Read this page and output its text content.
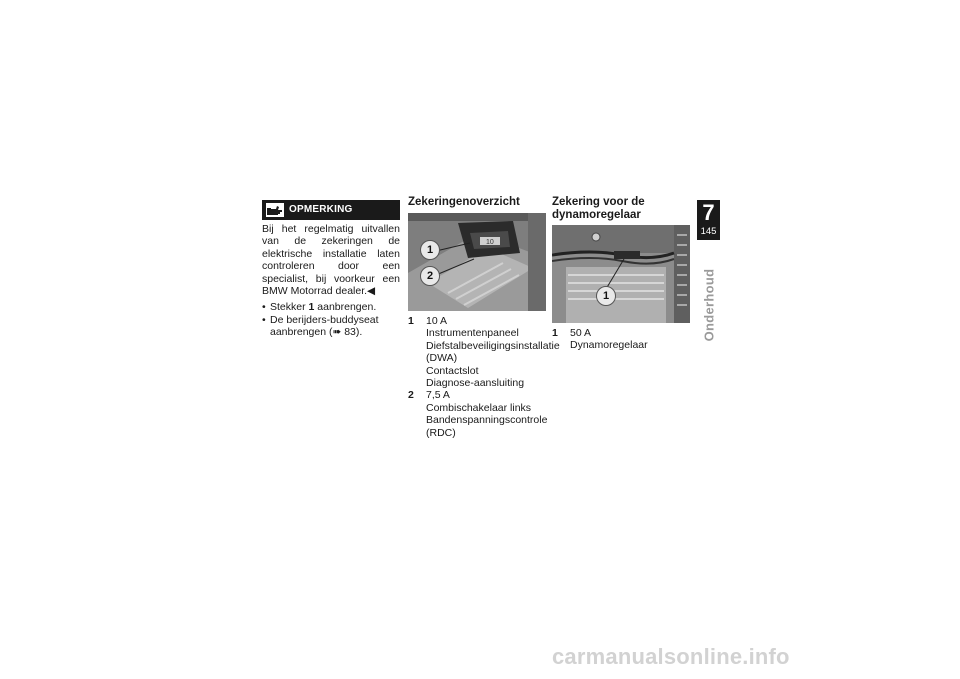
OPMERKING
Bij het regelmatig uitvallen van de zekeringen de elektrische installatie laten controleren door een specialist, bij voorkeur een BMW Motorrad dealer.◀
• Stekker 1 aanbrengen.
• De berijders-buddyseat aanbrengen (➠ 83).
Zekeringenoverzicht
10
1
2
1	10 A
Instrumentenpaneel
Diefstalbeveiligingsinstallatie (DWA)
Contactslot
Diagnose-aansluiting
2	7,5 A
Combischakelaar links
Bandenspanningscontrole (RDC)
Zekering voor de dynamoregelaar
1
1	50 A
Dynamoregelaar
7
145
Onderhoud
carmanualsonline.info
